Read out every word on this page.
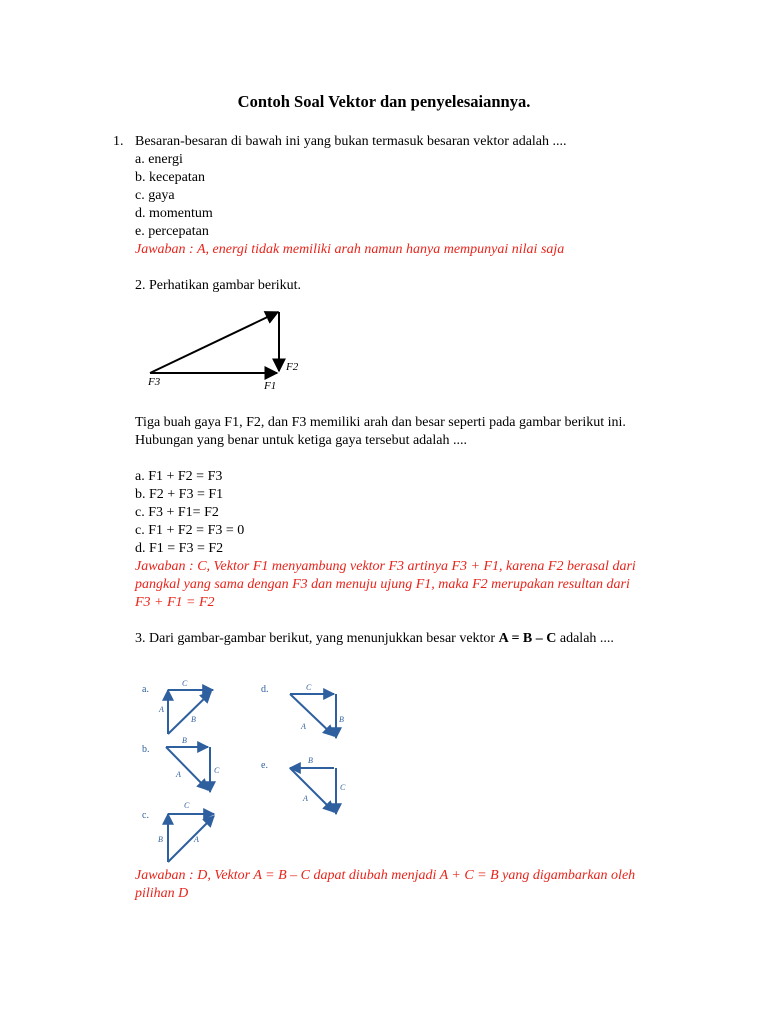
Contoh Soal Vektor dan penyelesaiannya.
1. Besaran-besaran di bawah ini yang bukan termasuk besaran vektor adalah ....
a. energi
b. kecepatan
c. gaya
d. momentum
e. percepatan
Jawaban : A, energi tidak memiliki arah namun hanya mempunyai nilai saja
2. Perhatikan gambar berikut.
F3	F1
F2
Tiga buah gaya F1, F2, dan F3 memiliki arah dan besar seperti pada gambar berikut ini.
Hubungan yang benar untuk ketiga gaya tersebut adalah ....
a. F1 + F2 = F3
b. F2 + F3 = F1
c. F3 + F1= F2
c. F1 + F2 = F3 = 0
d. F1 = F3 = F2
Jawaban : C, Vektor F1 menyambung vektor F3 artinya F3 + F1, karena F2 berasal dari
pangkal yang sama dengan F3 dan menuju ujung F1, maka F2 merupakan resultan dari
F3 + F1 = F2
3. Dari gambar-gambar berikut, yang menunjukkan besar vektor A = B – C adalah ....
a.
b.
c.
d.
e.
C
A
B
B
C
A
C
B	A
C
B
A
B
C
A
Jawaban : D, Vektor A = B – C dapat diubah menjadi A + C = B yang digambarkan oleh
pilihan D
